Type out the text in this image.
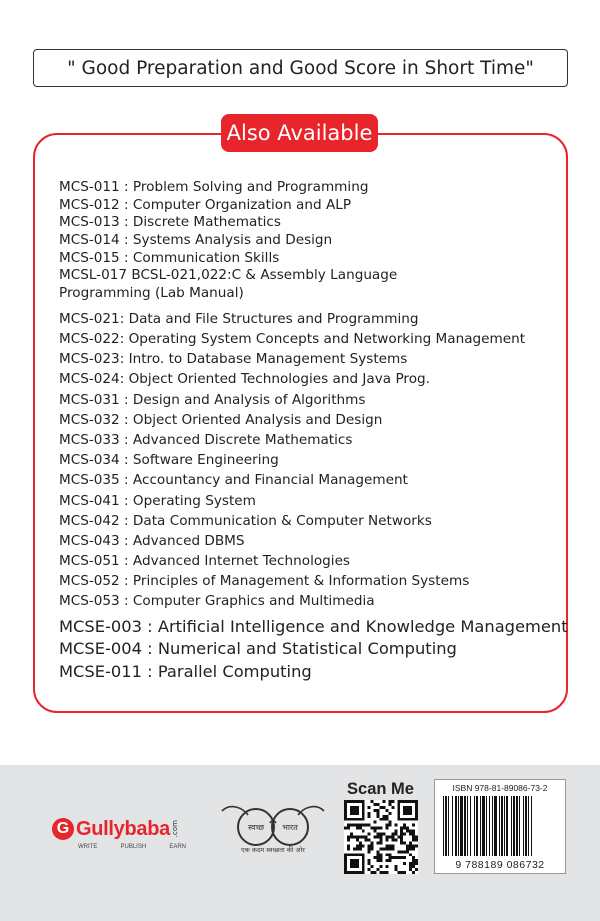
" Good Preparation and Good Score in Short Time"
Also Available
MCS-011 : Problem Solving and Programming
MCS-012 : Computer Organization and ALP
MCS-013 : Discrete Mathematics
MCS-014 : Systems Analysis and Design
MCS-015 : Communication Skills
MCSL-017 BCSL-021,022:C & Assembly Language
Programming (Lab Manual)
MCS-021: Data and File Structures and Programming
MCS-022: Operating System Concepts and Networking Management
MCS-023: Intro. to Database Management Systems
MCS-024: Object Oriented Technologies and Java Prog.
MCS-031 : Design and Analysis of Algorithms
MCS-032 : Object Oriented Analysis and Design
MCS-033 : Advanced Discrete Mathematics
MCS-034 : Software Engineering
MCS-035 : Accountancy and Financial Management
MCS-041 : Operating System
MCS-042 : Data Communication & Computer Networks
MCS-043 : Advanced DBMS
MCS-051 : Advanced Internet Technologies
MCS-052 : Principles of Management & Information Systems
MCS-053 : Computer Graphics and Multimedia
MCSE-003 : Artificial Intelligence and Knowledge Management
MCSE-004 : Numerical and Statistical Computing
MCSE-011 : Parallel Computing
G Gullybaba .com
WRITE	PUBLISH	EARN
स्वच्छ भारत
एक कदम स्वच्छता की ओर
Scan Me	ISBN 978-81-89086-73-2
9 788189 086732
